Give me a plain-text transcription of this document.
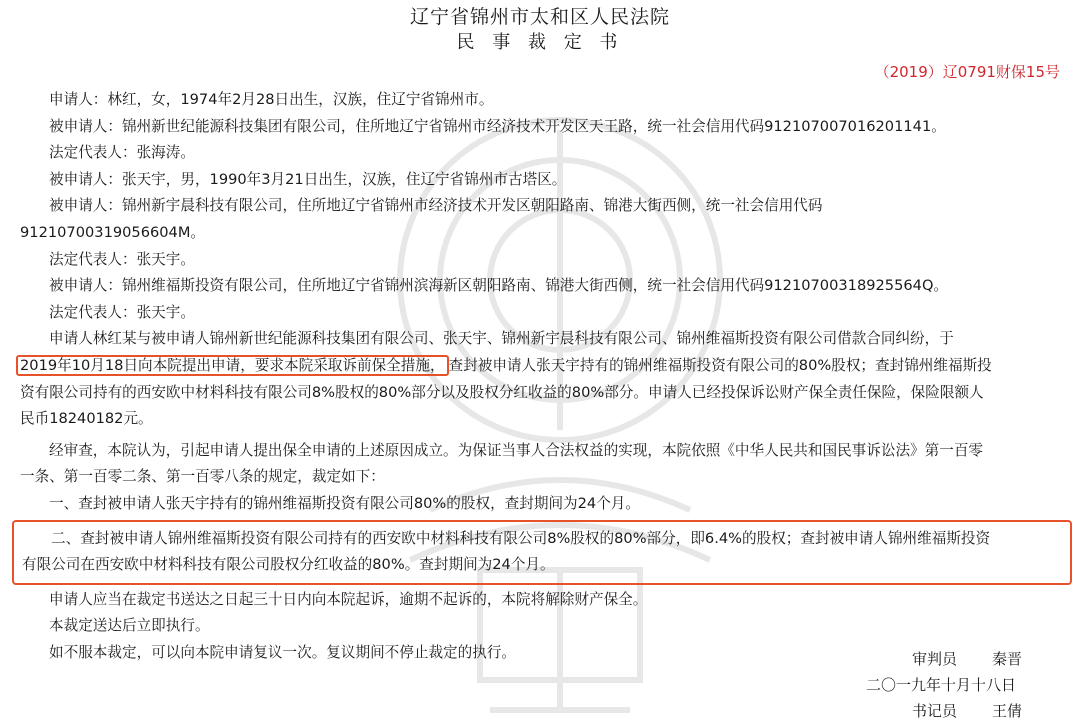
辽宁省锦州市太和区人民法院
民 事 裁 定 书
（2019）辽0791财保15号

申请人：林红，女，1974年2月28日出生，汉族，住辽宁省锦州市。

被申请人：锦州新世纪能源科技集团有限公司，住所地辽宁省锦州市经济技术开发区天王路，统一社会信用代码912107007016201141。

法定代表人：张海涛。

被申请人：张天宇，男，1990年3月21日出生，汉族，住辽宁省锦州市古塔区。

被申请人：锦州新宇晨科技有限公司，住所地辽宁省锦州市经济技术开发区朝阳路南、锦港大街西侧，统一社会信用代码

91210700319056604M。

法定代表人：张天宇。

被申请人：锦州维福斯投资有限公司，住所地辽宁省锦州滨海新区朝阳路南、锦港大街西侧，统一社会信用代码91210700318925564Q。

法定代表人：张天宇。

申请人林红某与被申请人锦州新世纪能源科技集团有限公司、张天宇、锦州新宇晨科技有限公司、锦州维福斯投资有限公司借款合同纠纷，于

2019年10月18日向本院提出申请，要求本院采取诉前保全措施， 查封被申请人张天宇持有的锦州维福斯投资有限公司的80%股权；查封锦州维福斯投

资有限公司持有的西安欧中材料科技有限公司8%股权的80%部分以及股权分红收益的80%部分。申请人已经投保诉讼财产保全责任保险，保险限额人

民币18240182元。

经审查，本院认为，引起申请人提出保全申请的上述原因成立。为保证当事人合法权益的实现，本院依照《中华人民共和国民事诉讼法》第一百零

一条、第一百零二条、第一百零八条的规定，裁定如下：

一、查封被申请人张天宇持有的锦州维福斯投资有限公司80%的股权，查封期间为24个月。

二、查封被申请人锦州维福斯投资有限公司持有的西安欧中材料科技有限公司8%股权的80%部分，即6.4%的股权；查封被申请人锦州维福斯投资

有限公司在西安欧中材料科技有限公司股权分红收益的80%。查封期间为24个月。

申请人应当在裁定书送达之日起三十日内向本院起诉，逾期不起诉的，本院将解除财产保全。

本裁定送达后立即执行。

如不服本裁定，可以向本院申请复议一次。复议期间不停止裁定的执行。	审判员 秦晋
二〇一九年十月十八日
书记员 王倩
